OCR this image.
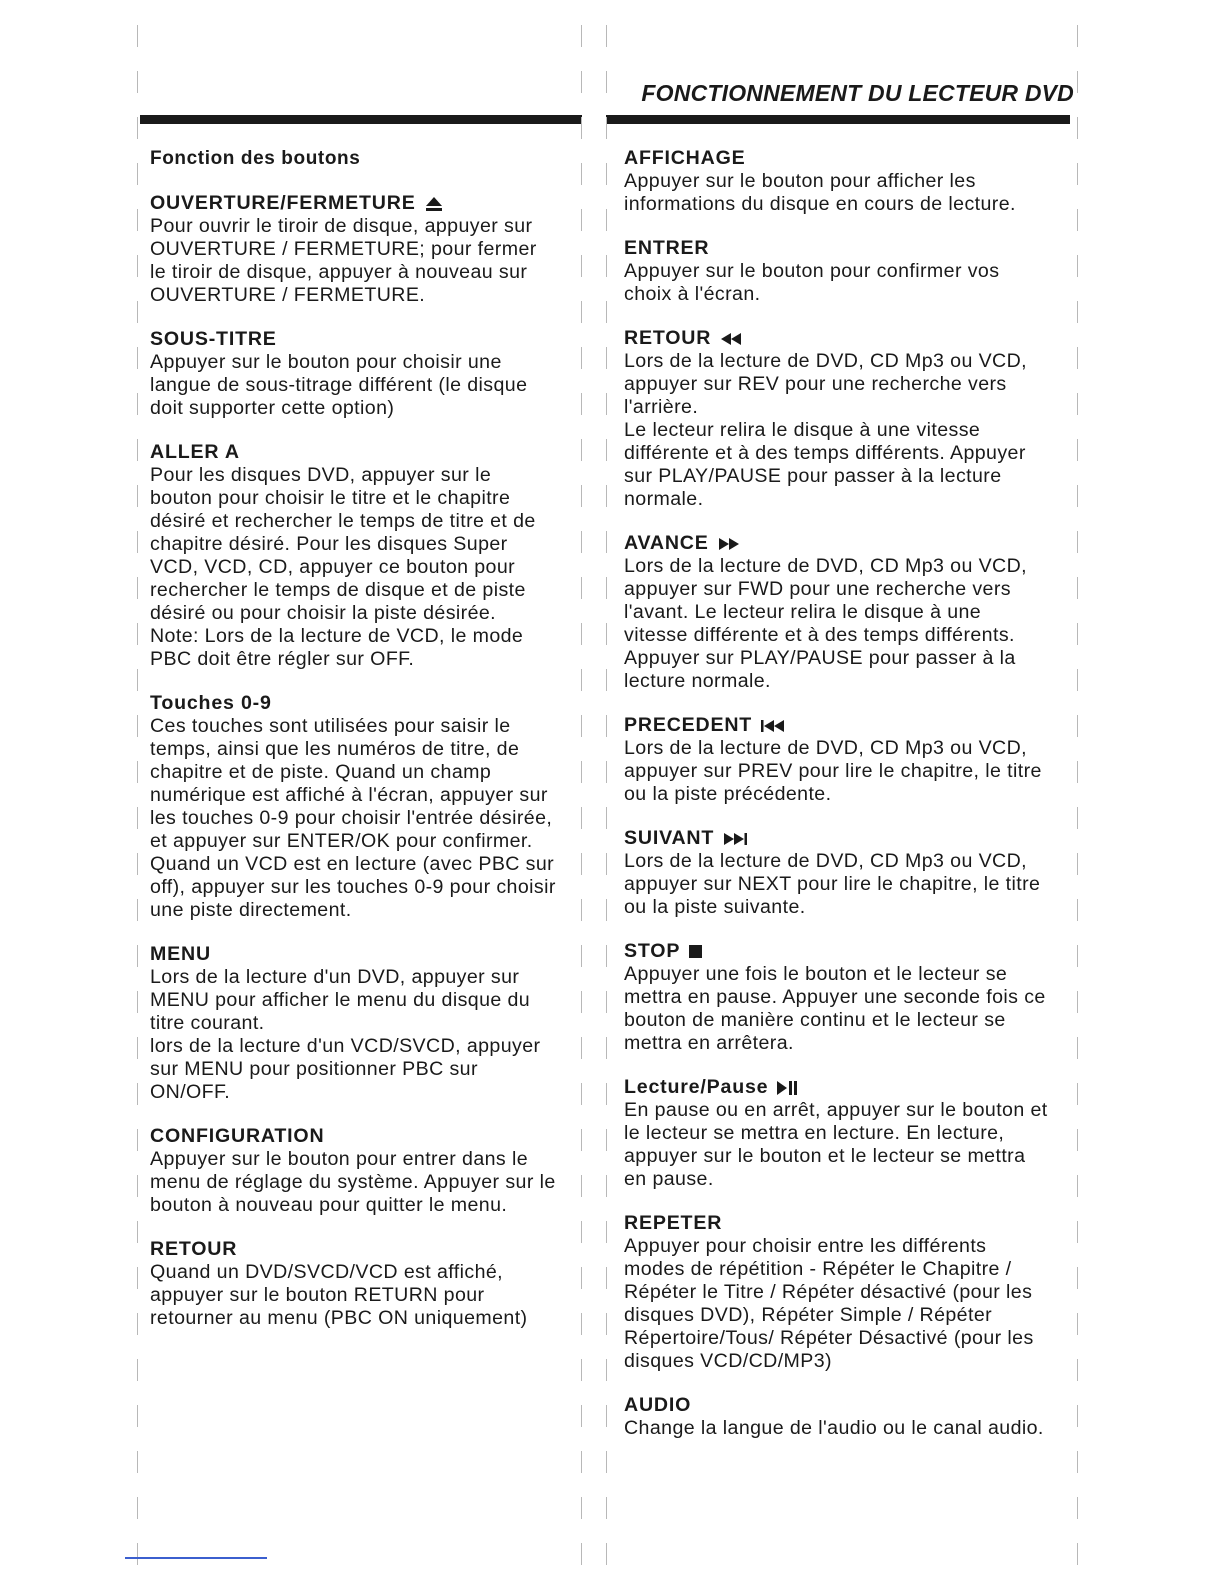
FONCTIONNEMENT DU LECTEUR DVD
Fonction des boutons
OUVERTURE/FERMETURE

Pour ouvrir le tiroir de disque, appuyer sur
OUVERTURE / FERMETURE; pour fermer
le tiroir de disque, appuyer à nouveau sur
OUVERTURE / FERMETURE.

SOUS-TITRE

Appuyer sur le bouton pour choisir une
langue de sous-titrage différent (le disque
doit supporter cette option)

ALLER A

Pour les disques DVD, appuyer sur le
bouton pour choisir le titre et le chapitre
désiré et rechercher le temps de titre et de
chapitre désiré. Pour les disques Super
VCD, VCD, CD, appuyer ce bouton pour
rechercher le temps de disque et de piste
désiré ou pour choisir la piste désirée.
Note: Lors de la lecture de VCD, le mode
PBC doit être régler sur OFF.

Touches 0-9

Ces touches sont utilisées pour saisir le
temps, ainsi que les numéros de titre, de
chapitre et de piste. Quand un champ
numérique est affiché à l'écran, appuyer sur
les touches 0-9 pour choisir l'entrée désirée,
et appuyer sur ENTER/OK pour confirmer.
Quand un VCD est en lecture (avec PBC sur
off), appuyer sur les touches 0-9 pour choisir
une piste directement.

MENU

Lors de la lecture d'un DVD, appuyer sur
MENU pour afficher le menu du disque du
titre courant.
lors de la lecture d'un VCD/SVCD, appuyer
sur MENU pour positionner PBC sur
ON/OFF.

CONFIGURATION

Appuyer sur le bouton pour entrer dans le
menu de réglage du système. Appuyer sur le
bouton à nouveau pour quitter le menu.

RETOUR

Quand un DVD/SVCD/VCD est affiché,
appuyer sur le bouton RETURN pour
retourner au menu (PBC ON uniquement)

AFFICHAGE

Appuyer sur le bouton pour afficher les
informations du disque en cours de lecture.

ENTRER

Appuyer sur le bouton pour confirmer vos
choix à l'écran.

RETOUR

Lors de la lecture de DVD, CD Mp3 ou VCD,
appuyer sur REV pour une recherche vers
l'arrière.
Le lecteur relira le disque à une vitesse
différente et à des temps différents. Appuyer
sur PLAY/PAUSE pour passer à la lecture
normale.

AVANCE

Lors de la lecture de DVD, CD Mp3 ou VCD,
appuyer sur FWD pour une recherche vers
l'avant. Le lecteur relira le disque à une
vitesse différente et à des temps différents.
Appuyer sur PLAY/PAUSE pour passer à la
lecture normale.

PRECEDENT

Lors de la lecture de DVD, CD Mp3 ou VCD,
appuyer sur PREV pour lire le chapitre, le titre
ou la piste précédente.

SUIVANT

Lors de la lecture de DVD, CD Mp3 ou VCD,
appuyer sur NEXT pour lire le chapitre, le titre
ou la piste suivante.

STOP

Appuyer une fois le bouton et le lecteur se
mettra en pause. Appuyer une seconde fois ce
bouton de manière continu et le lecteur se
mettra en arrêtera.

Lecture/Pause

En pause ou en arrêt, appuyer sur le bouton et
le lecteur se mettra en lecture. En lecture,
appuyer sur le bouton et le lecteur se mettra
en pause.

REPETER

Appuyer pour choisir entre les différents
modes de répétition - Répéter le Chapitre /
Répéter le Titre / Répéter désactivé (pour les
disques DVD), Répéter Simple / Répéter
Répertoire/Tous/ Répéter Désactivé (pour les
disques VCD/CD/MP3)

AUDIO

Change la langue de l'audio ou le canal audio.
